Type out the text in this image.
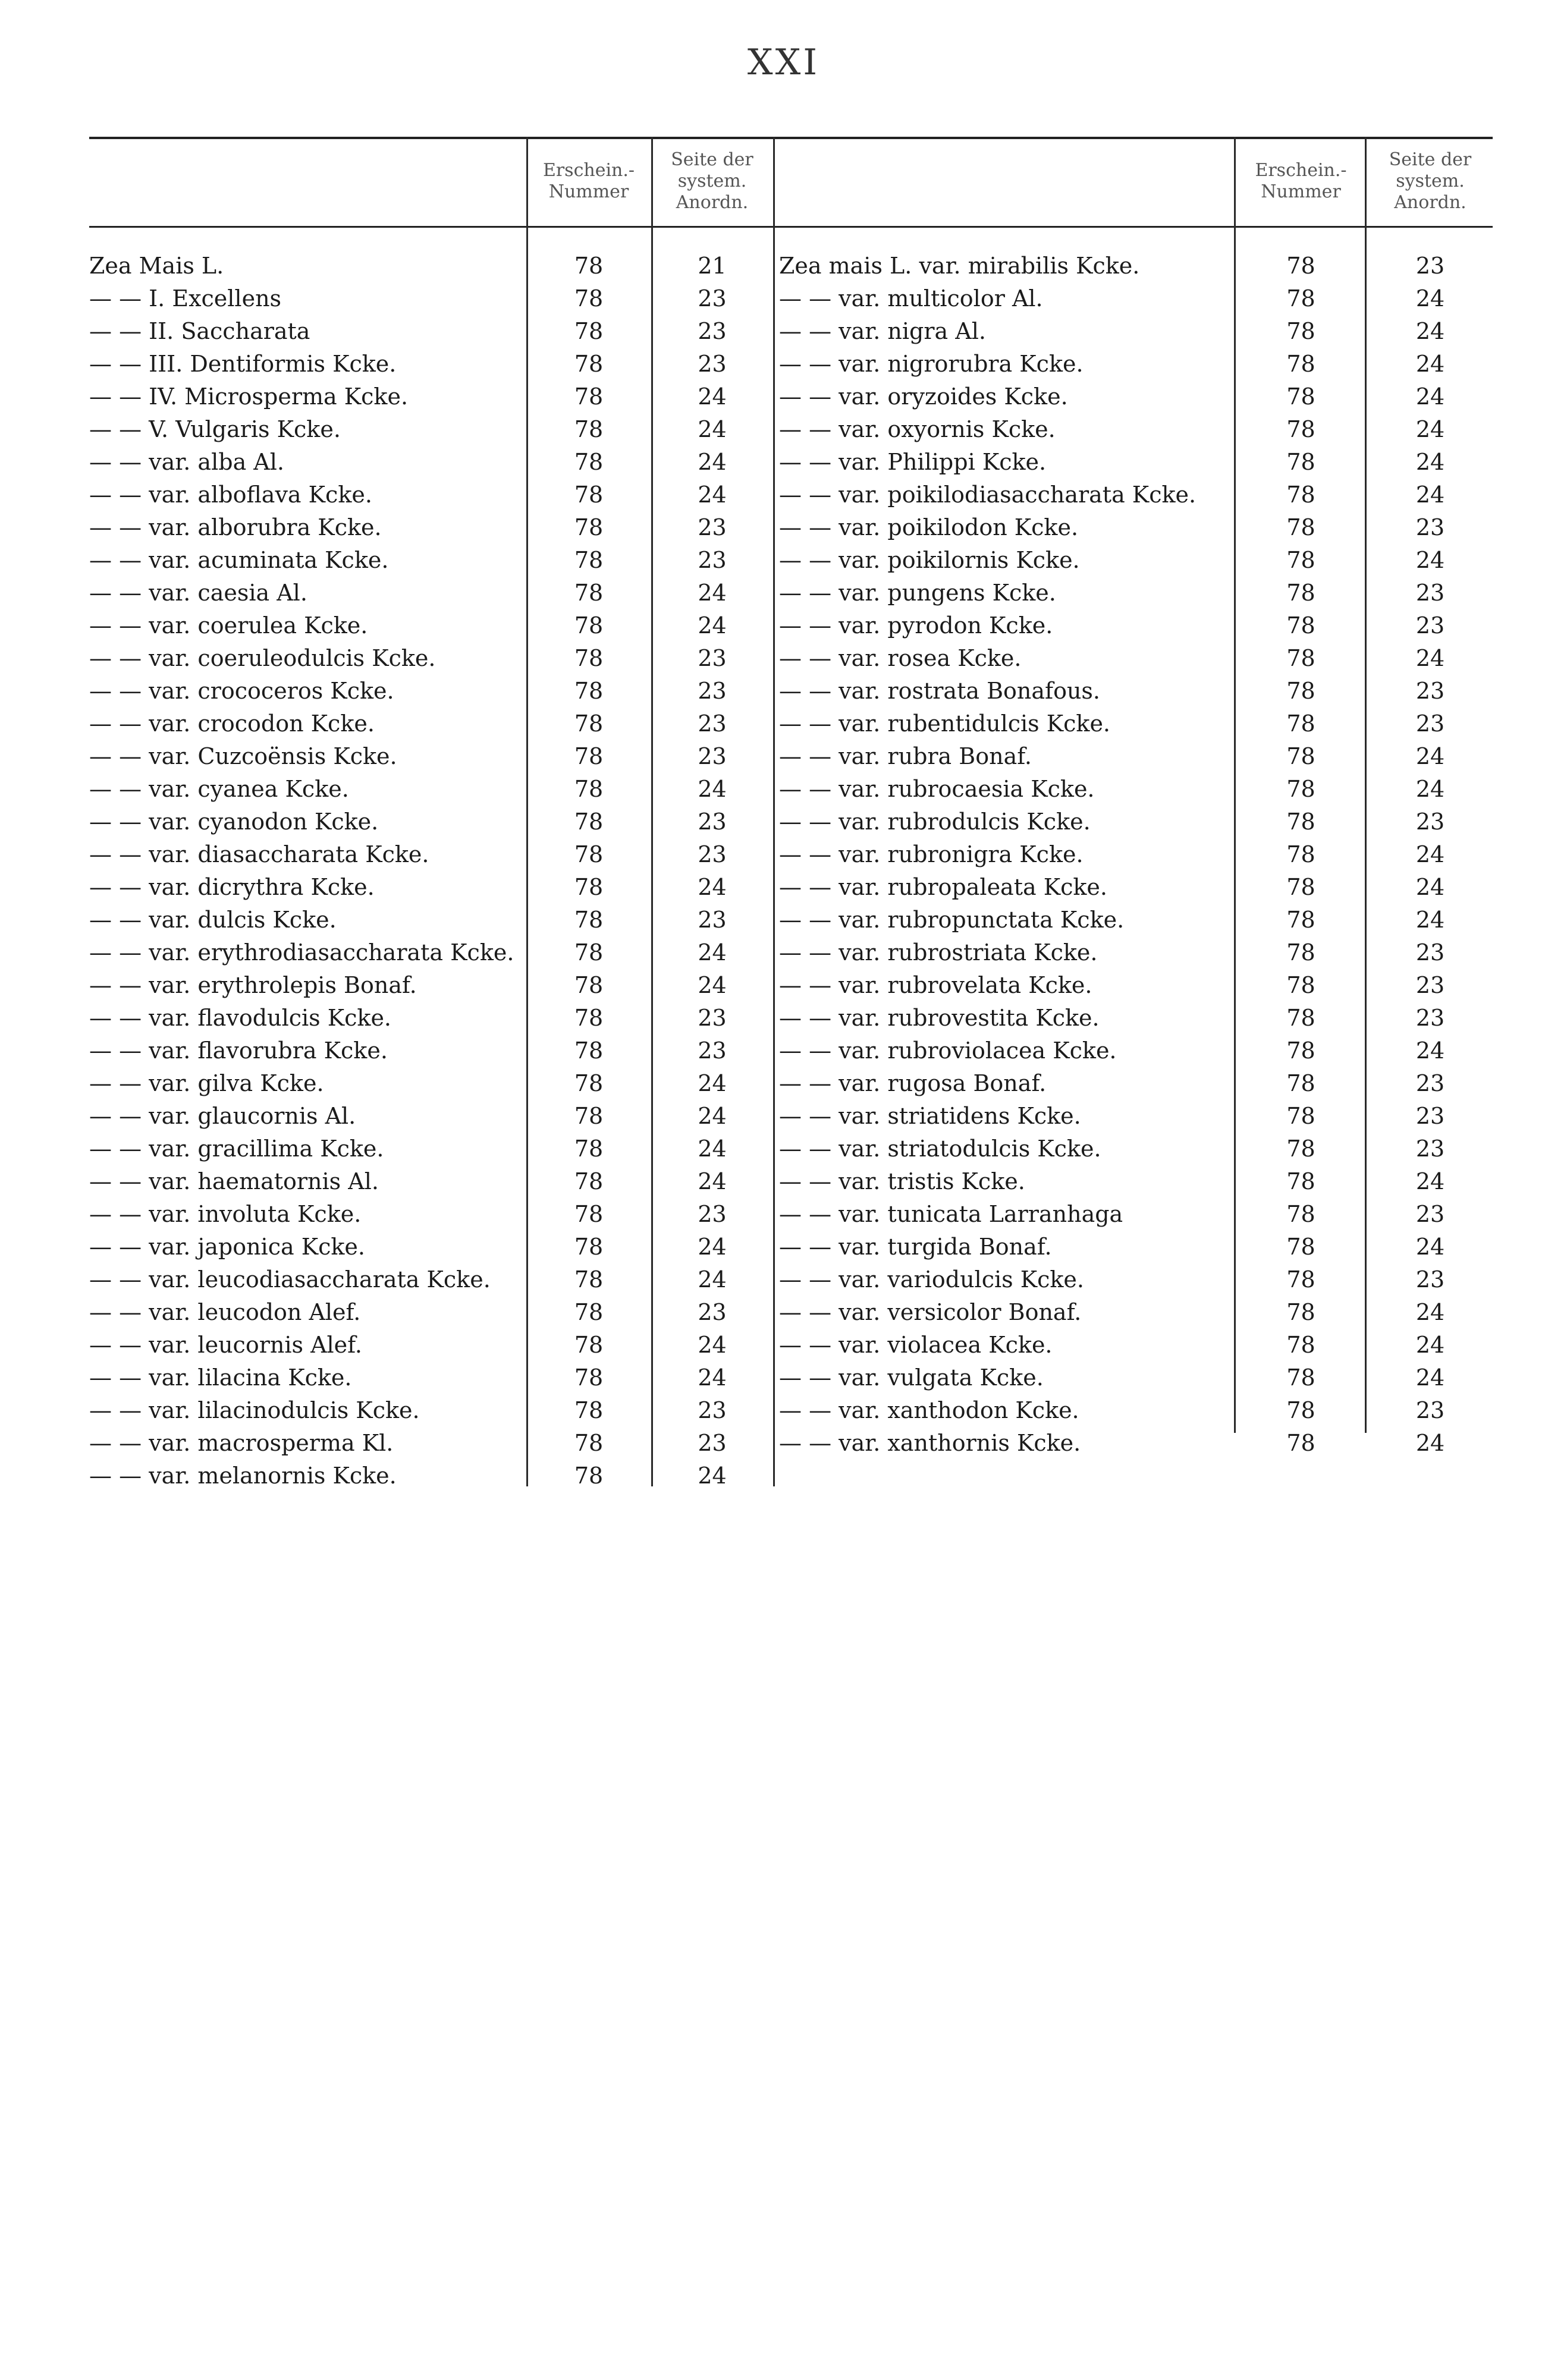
XXI
Erschein.-Nummer
Seite der system. Anordn.
Erschein.-Nummer
Seite der system. Anordn.
Zea Mais L.	78	21
— — I. Excellens	78	23
— — II. Saccharata	78	23
— — III. Dentiformis Kcke.	78	23
— — IV. Microsperma Kcke.	78	24
— — V. Vulgaris Kcke.	78	24
— — var. alba Al.	78	24
— — var. alboflava Kcke.	78	24
— — var. alborubra Kcke.	78	23
— — var. acuminata Kcke.	78	23
— — var. caesia Al.	78	24
— — var. coerulea Kcke.	78	24
— — var. coeruleodulcis Kcke.	78	23
— — var. crococeros Kcke.	78	23
— — var. crocodon Kcke.	78	23
— — var. Cuzcoënsis Kcke.	78	23
— — var. cyanea Kcke.	78	24
— — var. cyanodon Kcke.	78	23
— — var. diasaccharata Kcke.	78	23
— — var. dicrythra Kcke.	78	24
— — var. dulcis Kcke.	78	23
— — var. erythrodiasaccharata Kcke.	78	24
— — var. erythrolepis Bonaf.	78	24
— — var. flavodulcis Kcke.	78	23
— — var. flavorubra Kcke.	78	23
— — var. gilva Kcke.	78	24
— — var. glaucornis Al.	78	24
— — var. gracillima Kcke.	78	24
— — var. haematornis Al.	78	24
— — var. involuta Kcke.	78	23
— — var. japonica Kcke.	78	24
— — var. leucodiasaccharata Kcke.	78	24
— — var. leucodon Alef.	78	23
— — var. leucornis Alef.	78	24
— — var. lilacina Kcke.	78	24
— — var. lilacinodulcis Kcke.	78	23
— — var. macrosperma Kl.	78	23
— — var. melanornis Kcke.	78	24
Zea mais L. var. mirabilis Kcke.	78	23
— — var. multicolor Al.	78	24
— — var. nigra Al.	78	24
— — var. nigrorubra Kcke.	78	24
— — var. oryzoides Kcke.	78	24
— — var. oxyornis Kcke.	78	24
— — var. Philippi Kcke.	78	24
— — var. poikilodiasaccharata Kcke.	78	24
— — var. poikilodon Kcke.	78	23
— — var. poikilornis Kcke.	78	24
— — var. pungens Kcke.	78	23
— — var. pyrodon Kcke.	78	23
— — var. rosea Kcke.	78	24
— — var. rostrata Bonafous.	78	23
— — var. rubentidulcis Kcke.	78	23
— — var. rubra Bonaf.	78	24
— — var. rubrocaesia Kcke.	78	24
— — var. rubrodulcis Kcke.	78	23
— — var. rubronigra Kcke.	78	24
— — var. rubropaleata Kcke.	78	24
— — var. rubropunctata Kcke.	78	24
— — var. rubrostriata Kcke.	78	23
— — var. rubrovelata Kcke.	78	23
— — var. rubrovestita Kcke.	78	23
— — var. rubroviolacea Kcke.	78	24
— — var. rugosa Bonaf.	78	23
— — var. striatidens Kcke.	78	23
— — var. striatodulcis Kcke.	78	23
— — var. tristis Kcke.	78	24
— — var. tunicata Larranhaga	78	23
— — var. turgida Bonaf.	78	24
— — var. variodulcis Kcke.	78	23
— — var. versicolor Bonaf.	78	24
— — var. violacea Kcke.	78	24
— — var. vulgata Kcke.	78	24
— — var. xanthodon Kcke.	78	23
— — var. xanthornis Kcke.	78	24
